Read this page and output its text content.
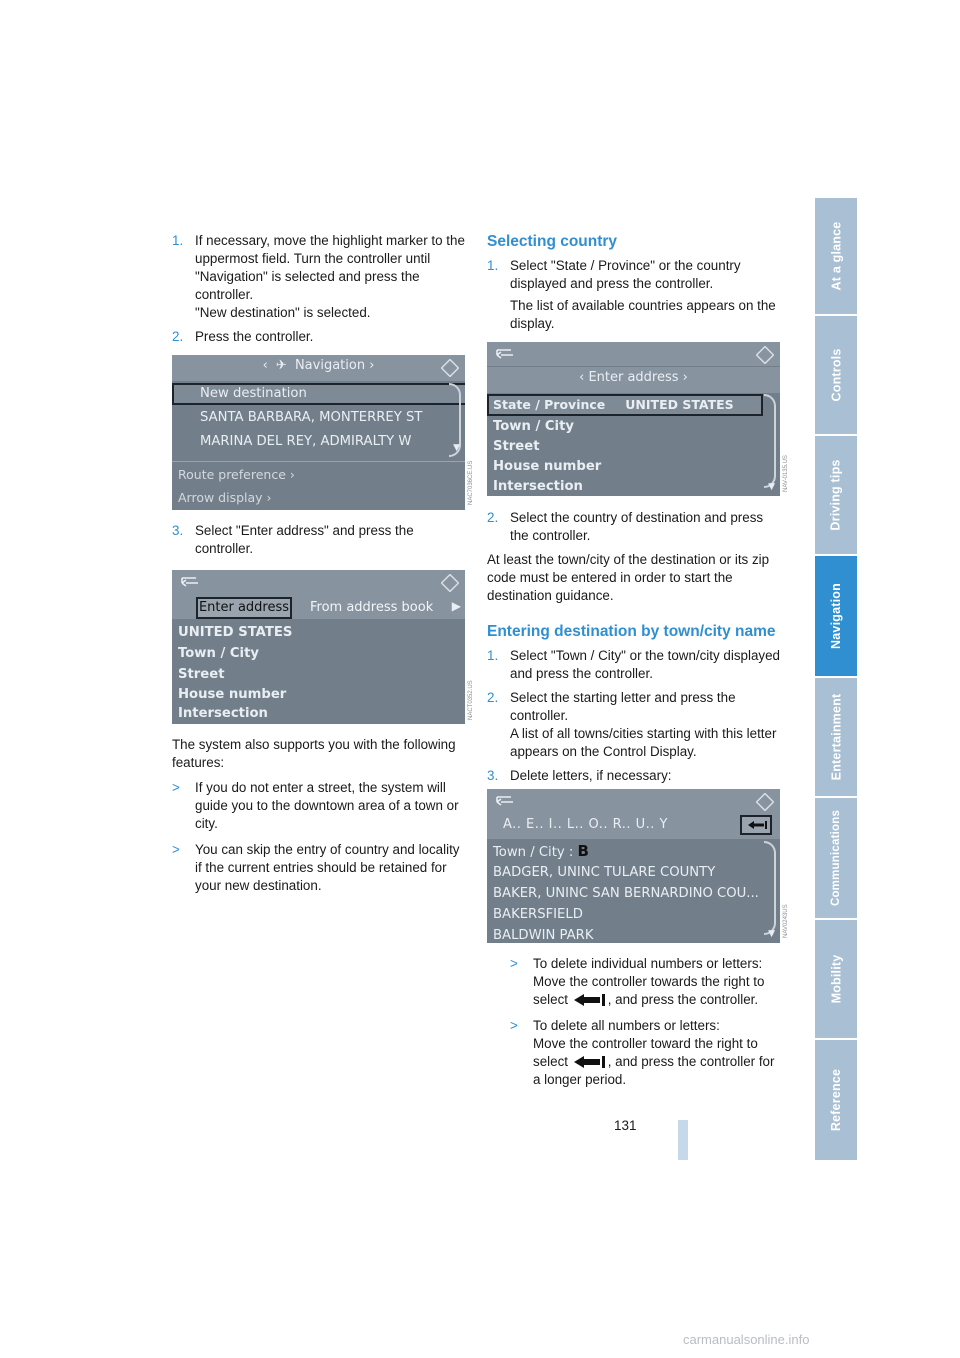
1. If necessary, move the highlight marker to the uppermost field. Turn the controller until "Navigation" is selected and press the controller.
"New destination" is selected.
2. Press the controller.
‹ ✈ Navigation ›
New destination
SANTA BARBARA, MONTERREY ST
MARINA DEL REY, ADMIRALTY W
Route preference ›
Arrow display ›
▼
3. Select "Enter address" and press the controller.
Enter address From address book ▶
UNITED STATES
Town / City
Street
House number
Intersection
The system also supports you with the following features:
> If you do not enter a street, the system will guide you to the downtown area of a town or city.
> You can skip the entry of country and locality if the current entries should be retained for your new destination.
Selecting country
1. Select "State / Province" or the country displayed and press the controller.
The list of available countries appears on the display.
‹ Enter address ›
State / Province UNITED STATES
Town / City
Street
House number
Intersection	▼
2. Select the country of destination and press the controller.
At least the town/city of the destination or its zip code must be entered in order to start the destination guidance.
Entering destination by town/city name
1. Select "Town / City" or the town/city displayed and press the controller.
2. Select the starting letter and press the controller.
A list of all towns/cities starting with this letter appears on the Control Display.
3. Delete letters, if necessary:
A.. E.. I.. L.. O.. R.. U.. Y
Town / City : B
BADGER, UNINC TULARE COUNTY
BAKER, UNINC SAN BERNARDINO COU...
BAKERSFIELD
BALDWIN PARK	▼
> To delete individual numbers or letters:
Move the controller towards the right to select	, and press the controller.
> To delete all numbers or letters:
Move the controller toward the right to select	, and press the controller for a longer period.
NAC7036CE.US
NACT0352.US
NAV-0135.US
NAV0243US
At a glance
Controls
Driving tips
Navigation
Entertainment
Communications
Mobility
Reference
131
carmanualsonline.info
